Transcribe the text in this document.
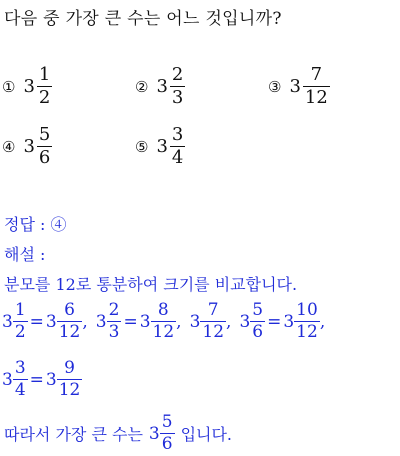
다음 중 가장 큰 수는 어느 것입니까?
① $3 \frac{1}{2}$	② $3 \frac{2}{3}$	③ $3 \frac{7}{12}$
④ $3 \frac{5}{6}$	⑤ $3 \frac{3}{4}$
정답 : ④
해설 :
분모를 12로 통분하여 크기를 비교합니다.
$3 \frac{1}{2} = 3 \frac{6}{12}$ , $3 \frac{2}{3} = 3 \frac{8}{12}$ , $3 \frac{7}{12}$ , $3 \frac{5}{6} = 3 \frac{10}{12}$ ,
$3 \frac{3}{4} = 3 \frac{9}{12}$
따라서 가장 큰 수는 $3 \frac{5}{6}$ 입니다.
